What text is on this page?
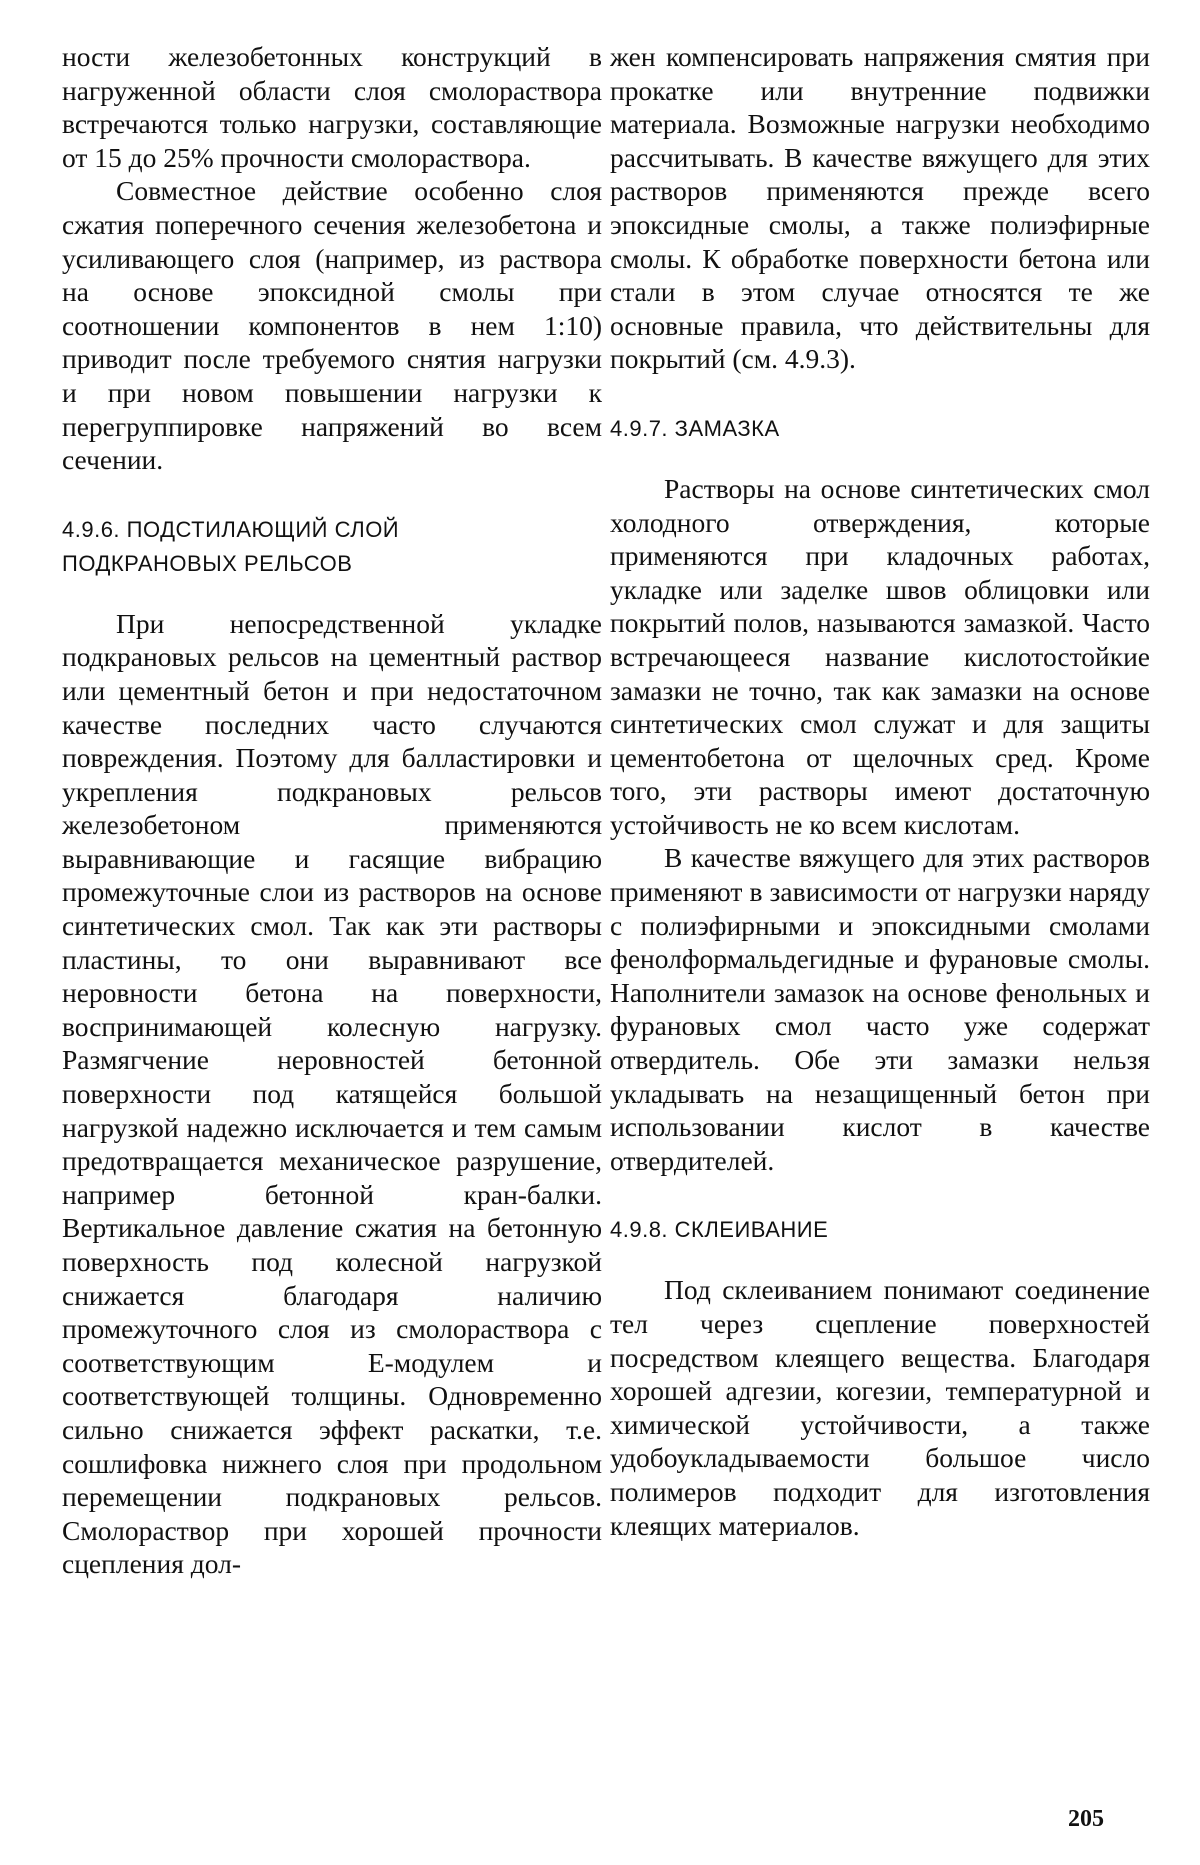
ности железобетонных конструкций в нагруженной области слоя смолораствора встречаются только нагрузки, составляющие от 15 до 25% прочности смолораствора.

Совместное действие особенно слоя сжатия поперечного сечения железобетона и усиливающего слоя (например, из раствора на основе эпоксидной смолы при соотношении компонентов в нем 1:10) приводит после требуемого снятия нагрузки и при новом повышении нагрузки к перегруппировке напряжений во всем сечении.

4.9.6. ПОДСТИЛАЮЩИЙ СЛОЙ
ПОДКРАНОВЫХ РЕЛЬСОВ

При непосредственной укладке подкрановых рельсов на цементный раствор или цементный бетон и при недостаточном качестве последних часто случаются повреждения. Поэтому для балластировки и укрепления подкрановых рельсов железобетоном применяются выравнивающие и гасящие вибрацию промежуточные слои из растворов на основе синтетических смол. Так как эти растворы пластины, то они выравнивают все неровности бетона на поверхности, воспринимающей колесную нагрузку. Размягчение неровностей бетонной поверхности под катящейся большой нагрузкой надежно исключается и тем самым предотвращается механическое разрушение, например бетонной кран-балки. Вертикальное давление сжатия на бетонную поверхность под колесной нагрузкой снижается благодаря наличию промежуточного слоя из смолораствора с соответствующим Е-модулем и соответствующей толщины. Одновременно сильно снижается эффект раскатки, т.е. сошлифовка нижнего слоя при продольном перемещении подкрановых рельсов. Смолораствор при хорошей прочности сцепления дол-

жен компенсировать напряжения смятия при прокатке или внутренние подвижки материала. Возможные нагрузки необходимо рассчитывать. В качестве вяжущего для этих растворов применяются прежде всего эпоксидные смолы, а также полиэфирные смолы. К обработке поверхности бетона или стали в этом случае относятся те же основные правила, что действительны для покрытий (см. 4.9.3).

4.9.7. ЗАМАЗКА

Растворы на основе синтетических смол холодного отверждения, которые применяются при кладочных работах, укладке или заделке швов облицовки или покрытий полов, называются замазкой. Часто встречающееся название кислотостойкие замазки не точно, так как замазки на основе синтетических смол служат и для защиты цементобетона от щелочных сред. Кроме того, эти растворы имеют достаточную устойчивость не ко всем кислотам.

В качестве вяжущего для этих растворов применяют в зависимости от нагрузки наряду с полиэфирными и эпоксидными смолами фенолформальдегидные и фурановые смолы. Наполнители замазок на основе фенольных и фурановых смол часто уже содержат отвердитель. Обе эти замазки нельзя укладывать на незащищенный бетон при использовании кислот в качестве отвердителей.

4.9.8. СКЛЕИВАНИЕ

Под склеиванием понимают соединение тел через сцепление поверхностей посредством клеящего вещества. Благодаря хорошей адгезии, когезии, температурной и химической устойчивости, а также удобоукладываемости большое число полимеров подходит для изготовления клеящих материалов.

205
